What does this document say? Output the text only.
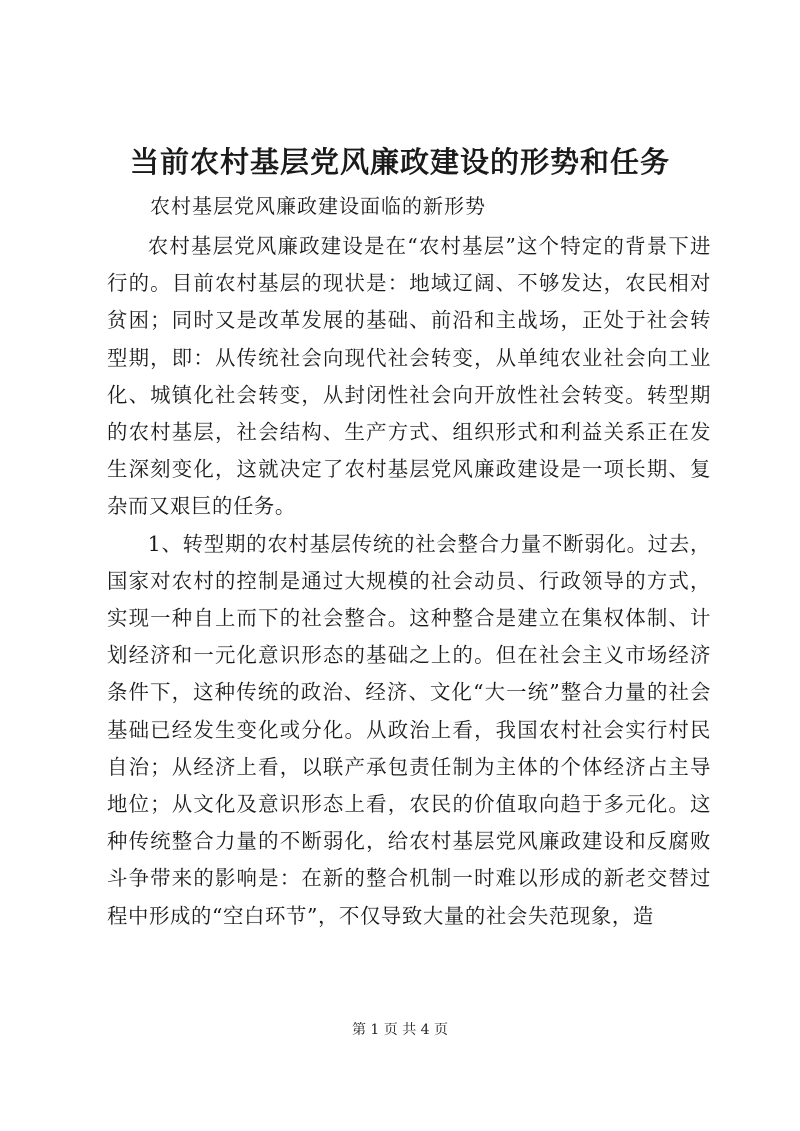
当前农村基层党风廉政建设的形势和任务

农村基层党风廉政建设面临的新形势

农村基层党风廉政建设是在“农村基层”这个特定的背景下进行的。目前农村基层的现状是：地域辽阔、不够发达，农民相对贫困；同时又是改革发展的基础、前沿和主战场，正处于社会转型期，即：从传统社会向现代社会转变，从单纯农业社会向工业化、城镇化社会转变，从封闭性社会向开放性社会转变。转型期的农村基层，社会结构、生产方式、组织形式和利益关系正在发生深刻变化，这就决定了农村基层党风廉政建设是一项长期、复杂而又艰巨的任务。

1、转型期的农村基层传统的社会整合力量不断弱化。过去，国家对农村的控制是通过大规模的社会动员、行政领导的方式，实现一种自上而下的社会整合。这种整合是建立在集权体制、计划经济和一元化意识形态的基础之上的。但在社会主义市场经济条件下，这种传统的政治、经济、文化“大一统”整合力量的社会基础已经发生变化或分化。从政治上看，我国农村社会实行村民自治；从经济上看，以联产承包责任制为主体的个体经济占主导地位；从文化及意识形态上看，农民的价值取向趋于多元化。这种传统整合力量的不断弱化，给农村基层党风廉政建设和反腐败斗争带来的影响是：在新的整合机制一时难以形成的新老交替过程中形成的“空白环节”，不仅导致大量的社会失范现象，造

第 1 页 共 4 页
